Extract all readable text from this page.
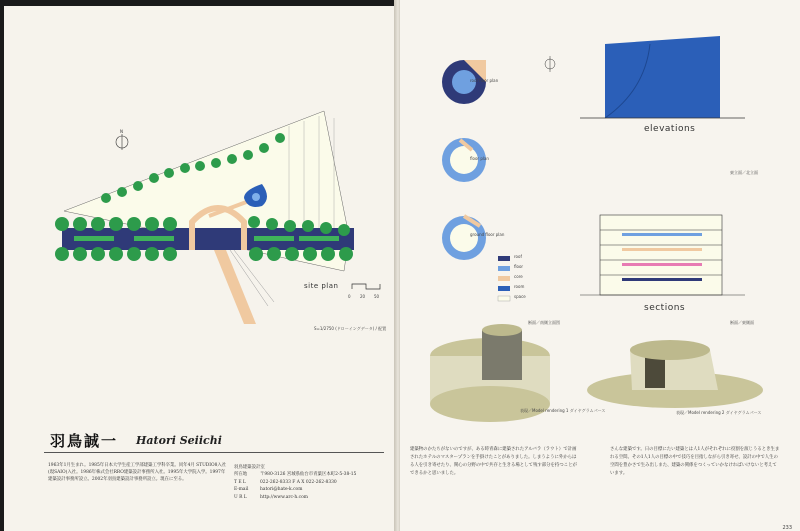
N
site plan
0 20 50
S=1/2750 (ドローイングデータ) / 配置
羽鳥誠一 Hatori Seiichi
1963年1月生まれ。1985年日本大学生産工学部建築工学科卒業。同年4月 STUDIO8入社(現SAIO)入社。1986年株式会社RRO建築設計事務所入社。1995年大学院入学。1997年建築設計事務所設立。2002年羽鳥建築設計事務所設立。現在に至る。
羽鳥建築設計室
所在地	〒980-3126 宮城県仙台市青葉区本町2-5-38-15
T E L	022-262-8333 F A X 022-262-8330
E-mail	hatori@hate-k.com
U R L	http://www.arc-h.com
roof floor plan
floor plan
ground floor plan
roof
floor
core
room
space
elevations
東立面／北立面
sections
断面／南側立面図	断面／東側面
表現／Model rendering 1 ダイヤグラムパース	表現／Model rendering 2 ダイヤグラムパース
建築物のかたちがないのですが、ある時青森に建築されたアルバラ（ラウト）で計画されたホテルのマスタープランを手掛けたことがありました。しまうように外からはる人を引き寄せたり、関心の分野の中で共存と生きる場として残す部分を持つことができるかと思いました。
さんな建築です。日の目標にたい建築とは人1人がそれぞれに役割を演じうるとき生まれる空間。その1人1人の目標の中で技巧を目指しながら引き寄せ、設計の中で人生の空間を豊かさで生み出しまた、建築の関係をつくっていかなければいけないと考えています。
233
